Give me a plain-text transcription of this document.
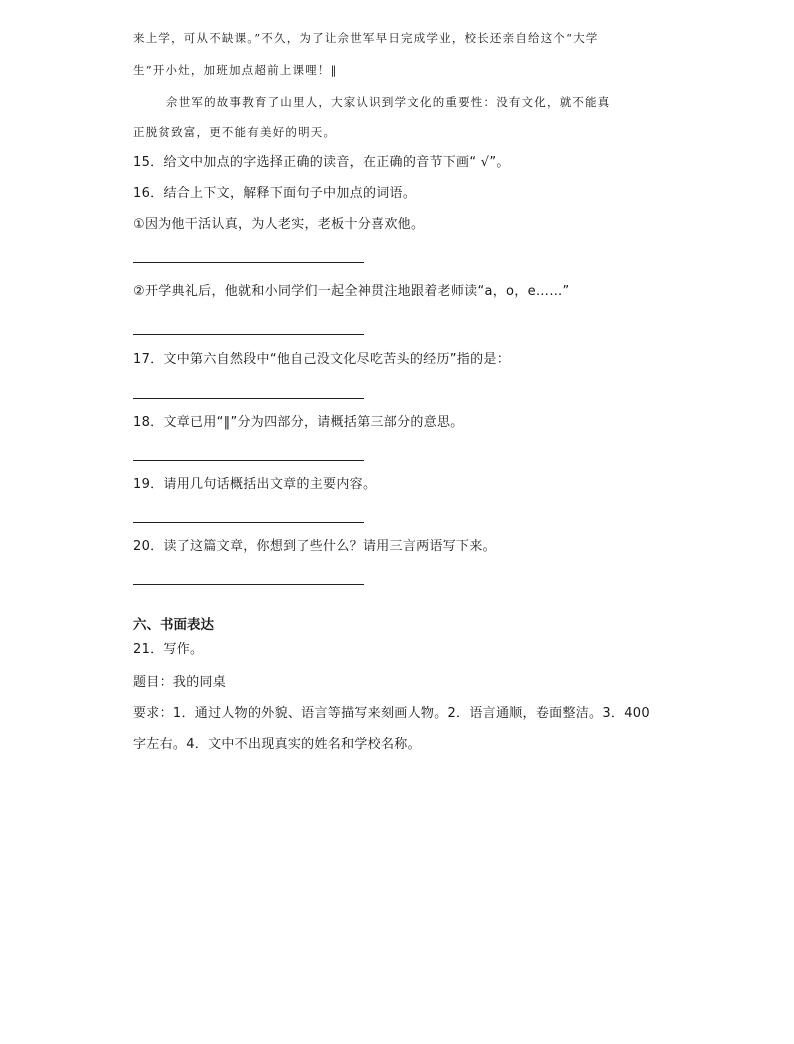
来上学，可从不缺课。”不久，为了让佘世军早日完成学业，校长还亲自给这个“大学
生”开小灶，加班加点超前上课哩！‖
佘世军的故事教育了山里人，大家认识到学文化的重要性：没有文化，就不能真
正脱贫致富，更不能有美好的明天。
15．给文中加点的字选择正确的读音，在正确的音节下画“ √”。
16．结合上下文，解释下面句子中加点的词语。
①因为他干活认真，为人老实，老板十分喜欢他。
②开学典礼后，他就和小同学们一起全神贯注地跟着老师读“a，o，e……”
17．文中第六自然段中“他自己没文化尽吃苦头的经历”指的是：
18．文章已用“‖”分为四部分，请概括第三部分的意思。
19．请用几句话概括出文章的主要内容。
20．读了这篇文章，你想到了些什么？请用三言两语写下来。
六、书面表达
21．写作。
题目：我的同桌
要求：1．通过人物的外貌、语言等描写来刻画人物。2．语言通顺，卷面整洁。3．400
字左右。4．文中不出现真实的姓名和学校名称。
